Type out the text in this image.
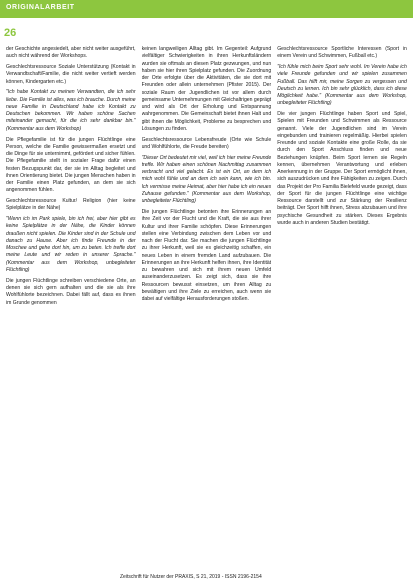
ORIGINALARBEIT
26

der Geschichte angesiedelt, aber nicht weiter ausgeführt, auch nicht während der Workshops.

Geschlechtsressource Soziale Unterstützung (Kontakt in Verwandtschaft/Familie, die nicht weiter vertieft werden können, Kindergarten etc.)

"Ich habe Kontakt zu meinen Verwandten, die ich sehr liebe. Die Familie ist alles, was ich brauche. Durch meine neue Familie in Deutschland habe ich Kontakt zu Deutschen bekommen. Wir haben schöne Sachen miteinander gemacht, für die ich sehr dankbar bin." (Kommentar aus dem Workshop)

Die Pflegefamilie ist für die jungen Flüchtlinge eine Person, welche die Familie gewissermaßen ersetzt und die Dinge für sie unternimmt, gefördert und sicher fühlen. Die Pflegefamilie stellt in sozialer Frage dafür einen festen Bezugspunkt dar, der sie im Alltag begleitet und ihnen Orientierung bietet. Die jungen Menschen haben in der Familie einen Platz gefunden, an dem sie sich angenommen fühlen.

Geschlechtsressource Kultur/ Religion (hier keine Spielplätze in der Nähe)

"Wenn ich im Park spiele, bin ich frei, aber hier gibt es keine Spielplätze in der Nähe, die Kinder können draußen nicht spielen. Die Kinder sind in der Schule und danach zu Hause. Aber ich finde Freunde in der Moschee und gehe dort hin, um zu beten. Ich treffe dort meine Leute und wir reden in unserer Sprache." (Kommentar aus dem Workshop, unbegleiteter Flüchtling)

Die jungen Flüchtlinge schreiben verschiedene Orte, an denen sie sich gern aufhalten und die sie als ihre Wohlfühlorte bezeichnen. Dabei fällt auf, dass es ihnen im Grunde genommen

keinen langweiligen Alltag gibt. Im Gegenteil: Aufgrund vielfältiger Schwierigkeiten in ihren Herkunftsländern wurden sie oftmals an diesen Platz gezwungen, und nun haben sie hier ihren Spielplatz gefunden. Die Zuordnung der Orte erfolgte über die Aktivitäten, die sie dort mit Freunden oder allein unternehmen (Pfister 2015). Der soziale Raum der Jugendlichen ist vor allem durch gemeinsame Unternehmungen mit Gleichaltrigen geprägt und wird als Ort der Erholung und Entspannung wahrgenommen. Die Gemeinschaft bietet ihnen Halt und gibt ihnen die Möglichkeit, Probleme zu besprechen und Lösungen zu finden.

Geschlechtsressource Lebensfreude (Orte wie Schule und Wohlfühlorte, die Freude bereiten)

"Dieser Ort bedeutet mir viel, weil ich hier meine Freunde treffe. Wir haben einen schönen Nachmittag zusammen verbracht und viel gelacht. Es ist ein Ort, an dem ich mich wohl fühle und an dem ich sein kann, wie ich bin. Ich vermisse meine Heimat, aber hier habe ich ein neues Zuhause gefunden." (Kommentar aus dem Workshop, unbegleiteter Flüchtling)

Die jungen Flüchtlinge betonten ihre Erinnerungen an ihre Zeit vor der Flucht und die Kraft, die sie aus ihrer Kultur und ihrer Familie schöpfen. Diese Erinnerungen stellen eine Verbindung zwischen dem Leben vor und nach der Flucht dar. Sie machen die jungen Flüchtlinge zu ihrer Herkunft, weil sie es gleichzeitig schaffen, ein neues Leben in einem fremden Land aufzubauen. Die Erinnerungen an ihre Herkunft helfen ihnen, ihre Identität zu bewahren und sich mit ihrem neuen Umfeld auseinanderzusetzen. Es zeigt sich, dass sie ihre Ressourcen bewusst einsetzen, um ihren Alltag zu bewältigen und ihre Ziele zu erreichen, auch wenn sie dabei auf vielfältige Herausforderungen stoßen.

Geschlechtsressource Sportliche Interessen (Sport in einem Verein und Schwimmen, Fußball etc.)

"Ich fühle mich beim Sport sehr wohl. Im Verein habe ich viele Freunde gefunden und wir spielen zusammen Fußball. Das hilft mir, meine Sorgen zu vergessen und Deutsch zu lernen. Ich bin sehr glücklich, dass ich diese Möglichkeit habe." (Kommentar aus dem Workshop, unbegleiteter Flüchtling)

Die vier jungen Flüchtlinge haben Sport und Spiel, Spielen mit Freunden und Schwimmen als Ressource genannt. Viele der Jugendlichen sind im Verein eingebunden und trainieren regelmäßig. Hierbei spielen Freunde und soziale Kontakte eine große Rolle, da sie durch den Sport Anschluss finden und neue Beziehungen knüpfen. Beim Sport lernen sie Regeln kennen, übernehmen Verantwortung und erleben Anerkennung in der Gruppe. Der Sport ermöglicht ihnen, sich auszudrücken und ihre Fähigkeiten zu zeigen. Durch das Projekt der Pro Familia Bielefeld wurde gezeigt, dass der Sport für die jungen Flüchtlinge eine wichtige Ressource darstellt und zur Stärkung der Resilienz beiträgt. Der Sport hilft ihnen, Stress abzubauen und ihre psychische Gesundheit zu stärken. Dieses Ergebnis wurde auch in anderen Studien bestätigt.

Zeitschrift für Nutzer der PRAXIS, S 21, 2019 - ISSN 2196-2154
